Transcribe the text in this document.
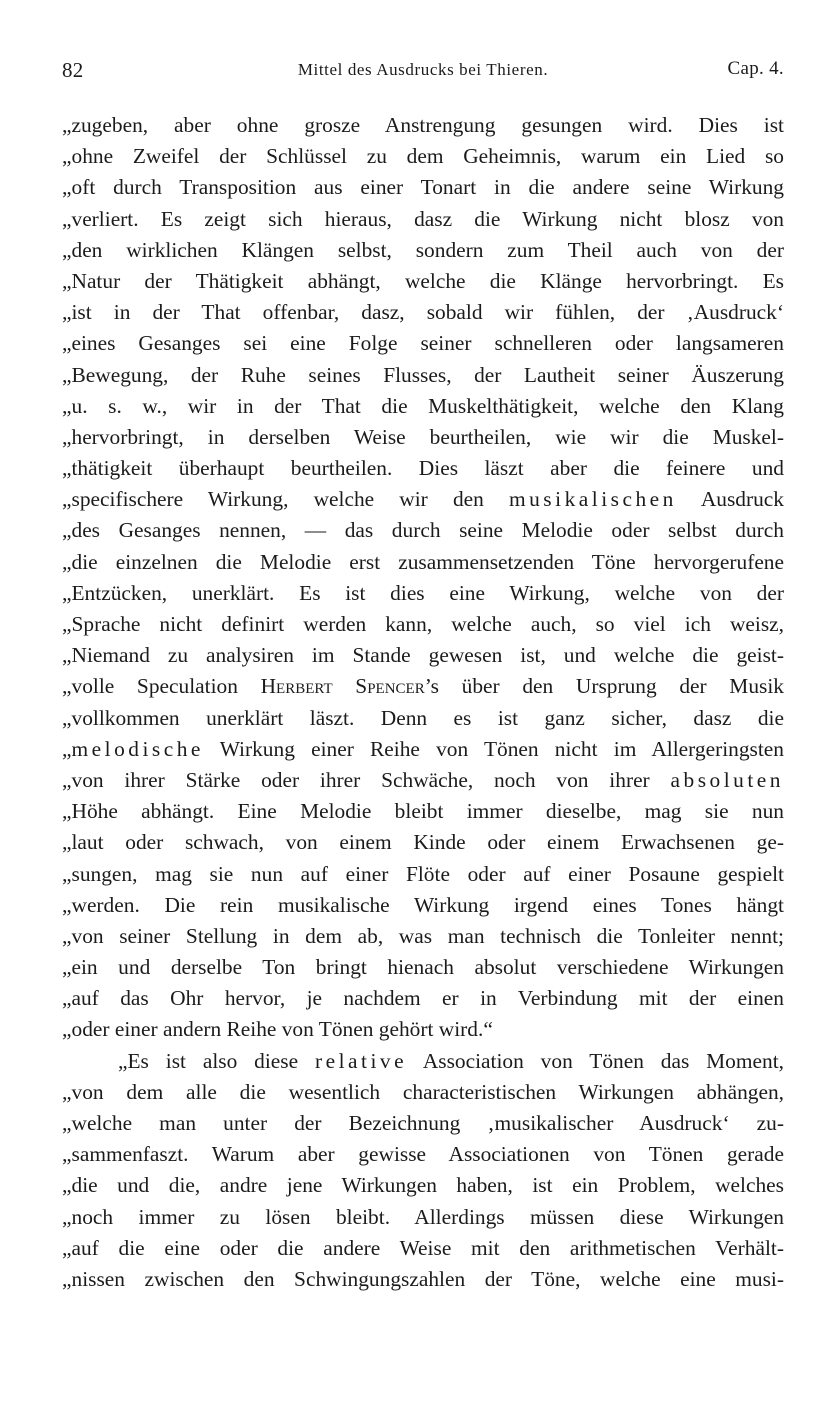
82	Mittel des Ausdrucks bei Thieren.	Cap. 4.
„zugeben, aber ohne grosze Anstrengung gesungen wird. Dies ist
„ohne Zweifel der Schlüssel zu dem Geheimnis, warum ein Lied so
„oft durch Transposition aus einer Tonart in die andere seine Wirkung
„verliert. Es zeigt sich hieraus, dasz die Wirkung nicht blosz von
„den wirklichen Klängen selbst, sondern zum Theil auch von der
„Natur der Thätigkeit abhängt, welche die Klänge hervorbringt. Es
„ist in der That offenbar, dasz, sobald wir fühlen, der ‚Ausdruck‘
„eines Gesanges sei eine Folge seiner schnelleren oder langsameren
„Bewegung, der Ruhe seines Flusses, der Lautheit seiner Äuszerung
„u. s. w., wir in der That die Muskelthätigkeit, welche den Klang
„hervorbringt, in derselben Weise beurtheilen, wie wir die Muskel-
„thätigkeit überhaupt beurtheilen. Dies läszt aber die feinere und
„specifischere Wirkung, welche wir den musikalischen Ausdruck
„des Gesanges nennen, — das durch seine Melodie oder selbst durch
„die einzelnen die Melodie erst zusammensetzenden Töne hervorgerufene
„Entzücken, unerklärt. Es ist dies eine Wirkung, welche von der
„Sprache nicht definirt werden kann, welche auch, so viel ich weisz,
„Niemand zu analysiren im Stande gewesen ist, und welche die geist-
„volle Speculation Herbert Spencer’s über den Ursprung der Musik
„vollkommen unerklärt läszt. Denn es ist ganz sicher, dasz die
„melodische Wirkung einer Reihe von Tönen nicht im Allergeringsten
„von ihrer Stärke oder ihrer Schwäche, noch von ihrer absoluten
„Höhe abhängt. Eine Melodie bleibt immer dieselbe, mag sie nun
„laut oder schwach, von einem Kinde oder einem Erwachsenen ge-
„sungen, mag sie nun auf einer Flöte oder auf einer Posaune gespielt
„werden. Die rein musikalische Wirkung irgend eines Tones hängt
„von seiner Stellung in dem ab, was man technisch die Tonleiter nennt;
„ein und derselbe Ton bringt hienach absolut verschiedene Wirkungen
„auf das Ohr hervor, je nachdem er in Verbindung mit der einen
„oder einer andern Reihe von Tönen gehört wird.“
„Es ist also diese relative Association von Tönen das Moment,
„von dem alle die wesentlich characteristischen Wirkungen abhängen,
„welche man unter der Bezeichnung ‚musikalischer Ausdruck‘ zu-
„sammenfaszt. Warum aber gewisse Associationen von Tönen gerade
„die und die, andre jene Wirkungen haben, ist ein Problem, welches
„noch immer zu lösen bleibt. Allerdings müssen diese Wirkungen
„auf die eine oder die andere Weise mit den arithmetischen Verhält-
„nissen zwischen den Schwingungszahlen der Töne, welche eine musi-
